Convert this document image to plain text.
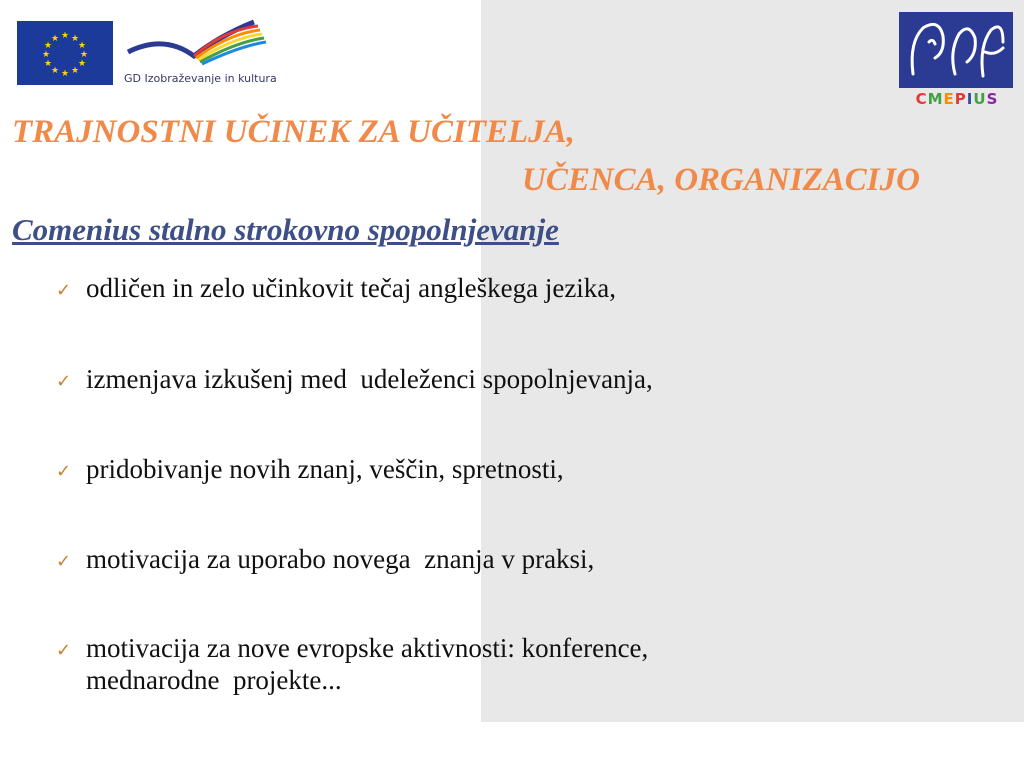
★ ★
★
★
★
★
★
★
★
★
★
★
GD Izobraževanje in kultura
CMEPIUS
TRAJNOSTNI UČINEK ZA UČITELJA,
UČENCA, ORGANIZACIJO
Comenius stalno strokovno spopolnjevanje
✓ odličen in zelo učinkovit tečaj angleškega jezika,
✓ izmenjava izkušenj med  udeleženci spopolnjevanja,
✓ pridobivanje novih znanj, veščin, spretnosti,
✓ motivacija za uporabo novega  znanja v praksi,
✓ motivacija za nove evropske aktivnosti: konference,
mednarodne  projekte...
